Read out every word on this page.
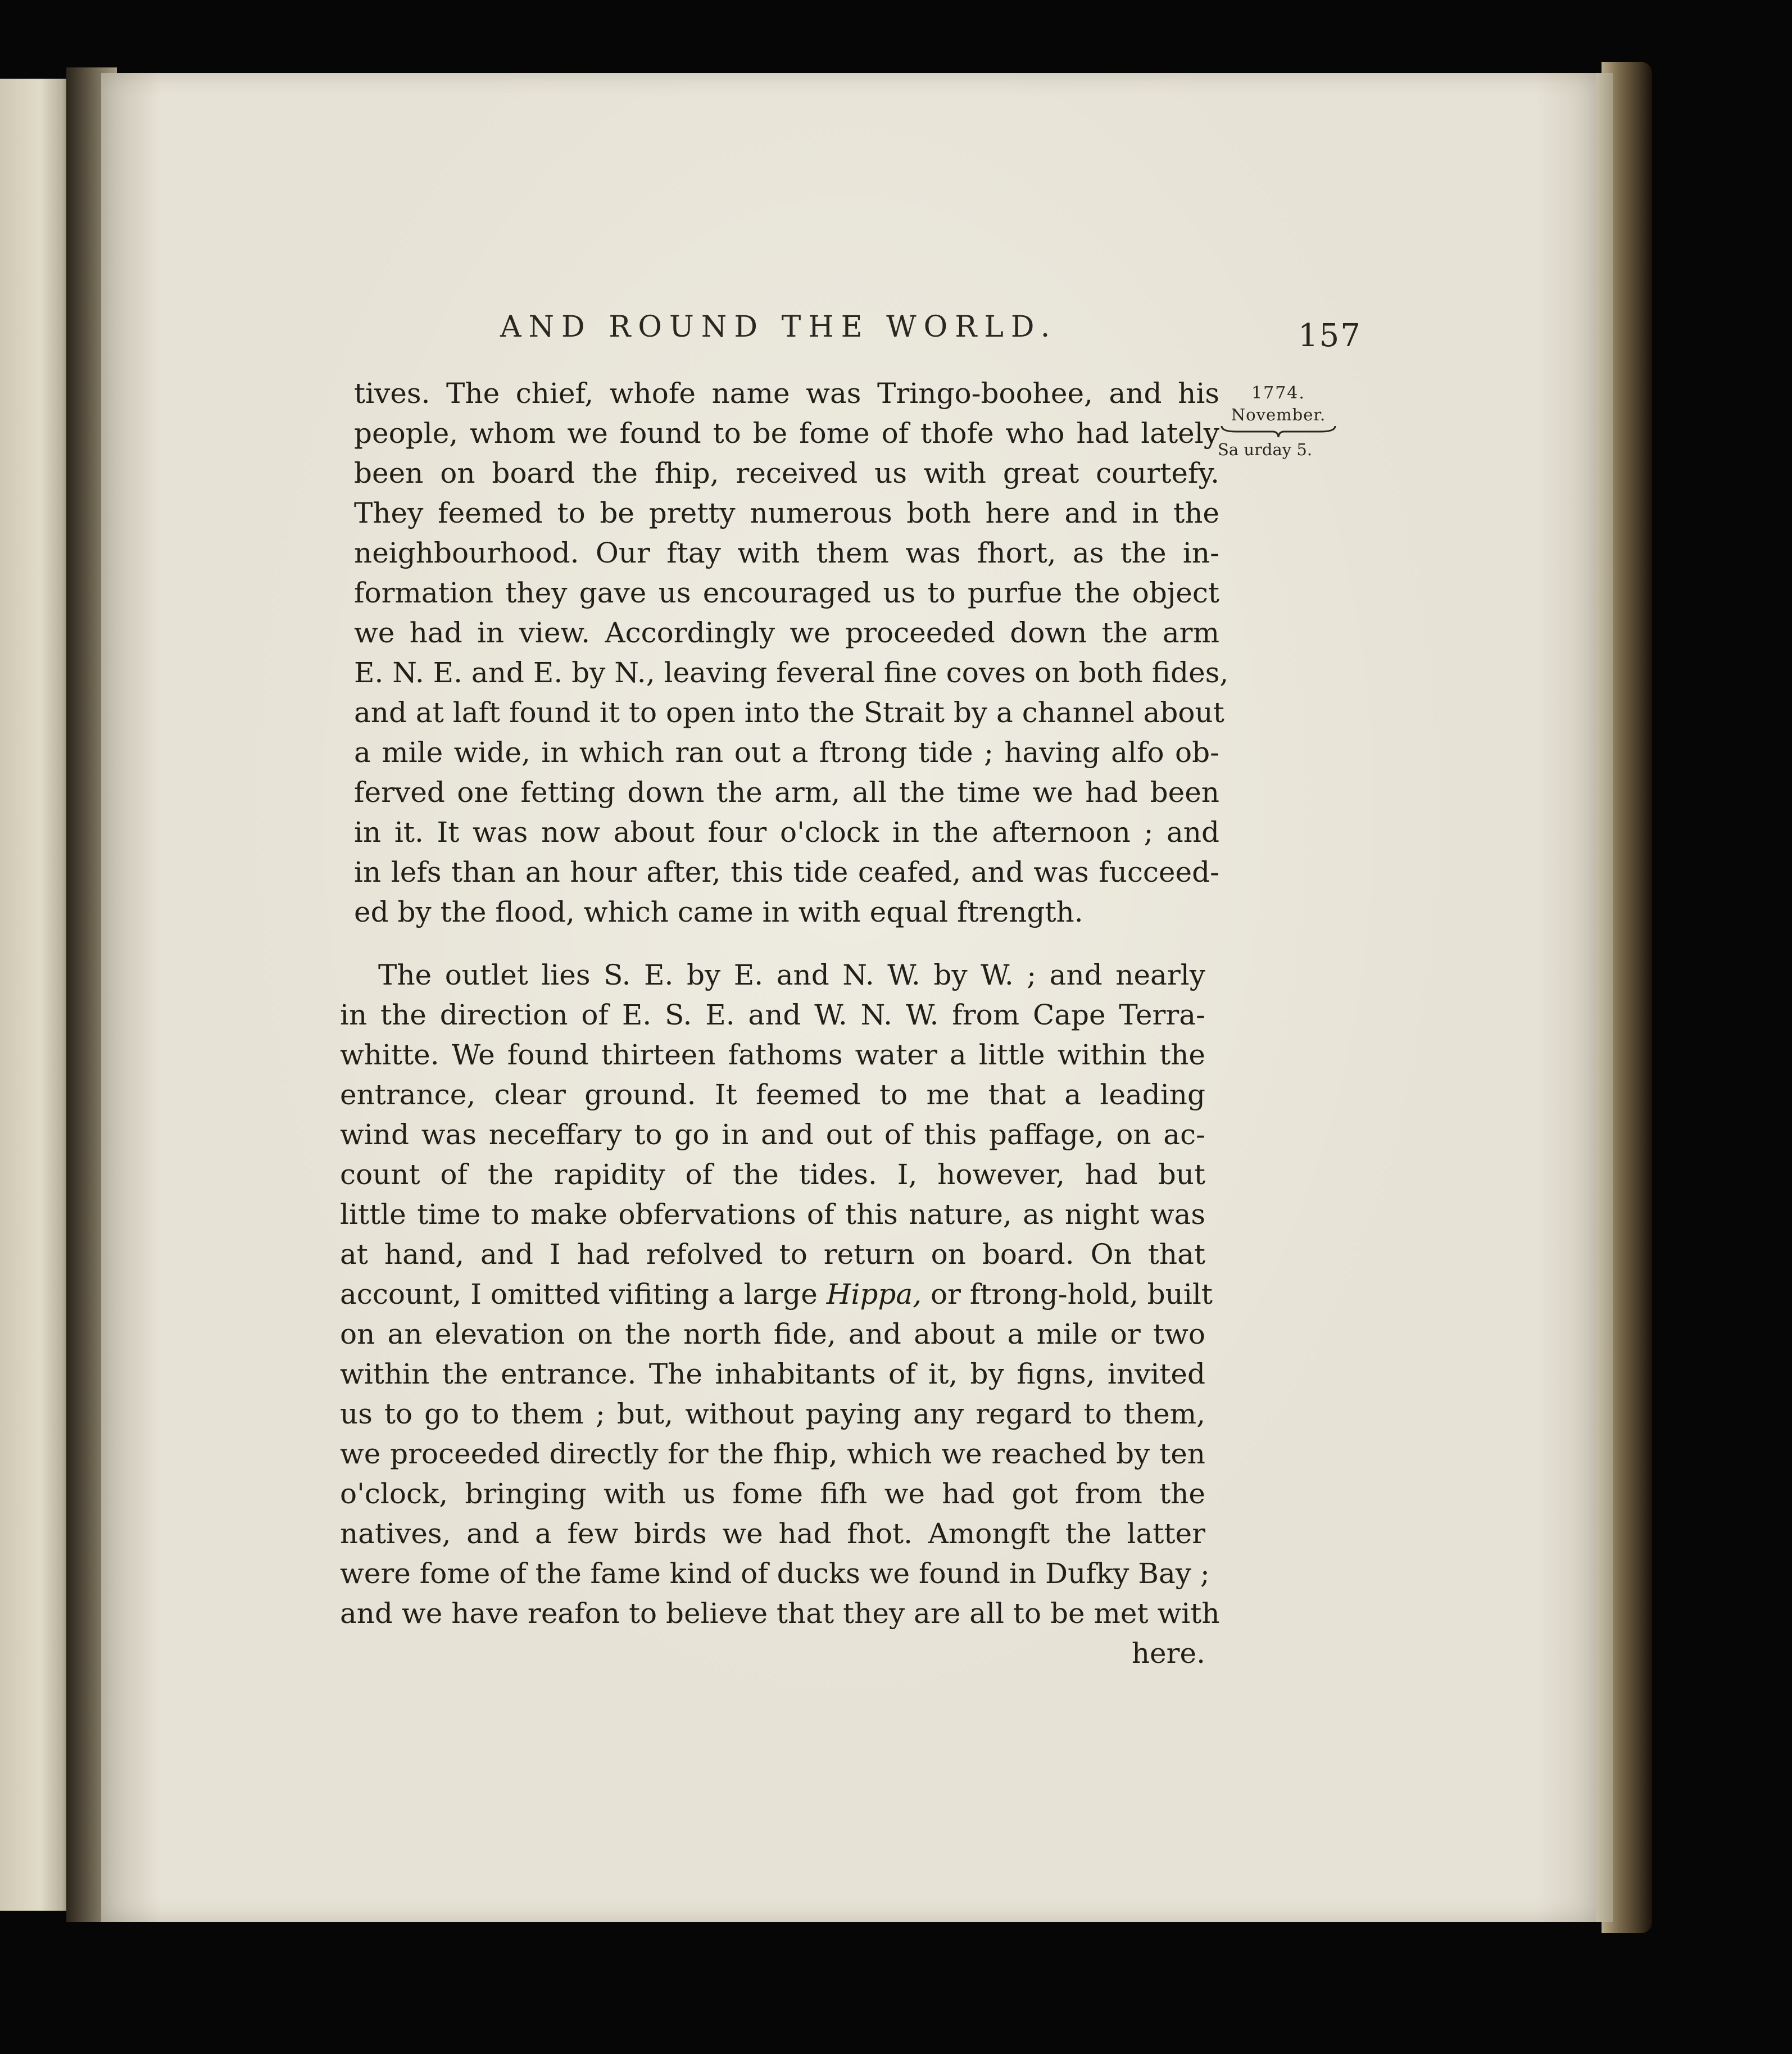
AND ROUND THE WORLD.	157
1774.
November.
Sa urday 5.
tives. The chief, whofe name was Tringo-boohee, and his
people, whom we found to be fome of thofe who had lately
been on board the fhip, received us with great courtefy.
They feemed to be pretty numerous both here and in the
neighbourhood. Our ftay with them was fhort, as the in-
formation they gave us encouraged us to purfue the object
we had in view. Accordingly we proceeded down the arm
E. N. E. and E. by N., leaving feveral fine coves on both fides,
and at laft found it to open into the Strait by a channel about
a mile wide, in which ran out a ftrong tide ; having alfo ob-
ferved one fetting down the arm, all the time we had been
in it. It was now about four o'clock in the afternoon ; and
in lefs than an hour after, this tide ceafed, and was fucceed-
ed by the flood, which came in with equal ftrength.
The outlet lies S. E. by E. and N. W. by W. ; and nearly
in the direction of E. S. E. and W. N. W. from Cape Terra-
whitte. We found thirteen fathoms water a little within the
entrance, clear ground. It feemed to me that a leading
wind was neceffary to go in and out of this paffage, on ac-
count of the rapidity of the tides. I, however, had but
little time to make obfervations of this nature, as night was
at hand, and I had refolved to return on board. On that
account, I omitted vifiting a large Hippa, or ftrong-hold, built
on an elevation on the north fide, and about a mile or two
within the entrance. The inhabitants of it, by figns, invited
us to go to them ; but, without paying any regard to them,
we proceeded directly for the fhip, which we reached by ten
o'clock, bringing with us fome fifh we had got from the
natives, and a few birds we had fhot. Amongft the latter
were fome of the fame kind of ducks we found in Dufky Bay ;
and we have reafon to believe that they are all to be met with
here.
